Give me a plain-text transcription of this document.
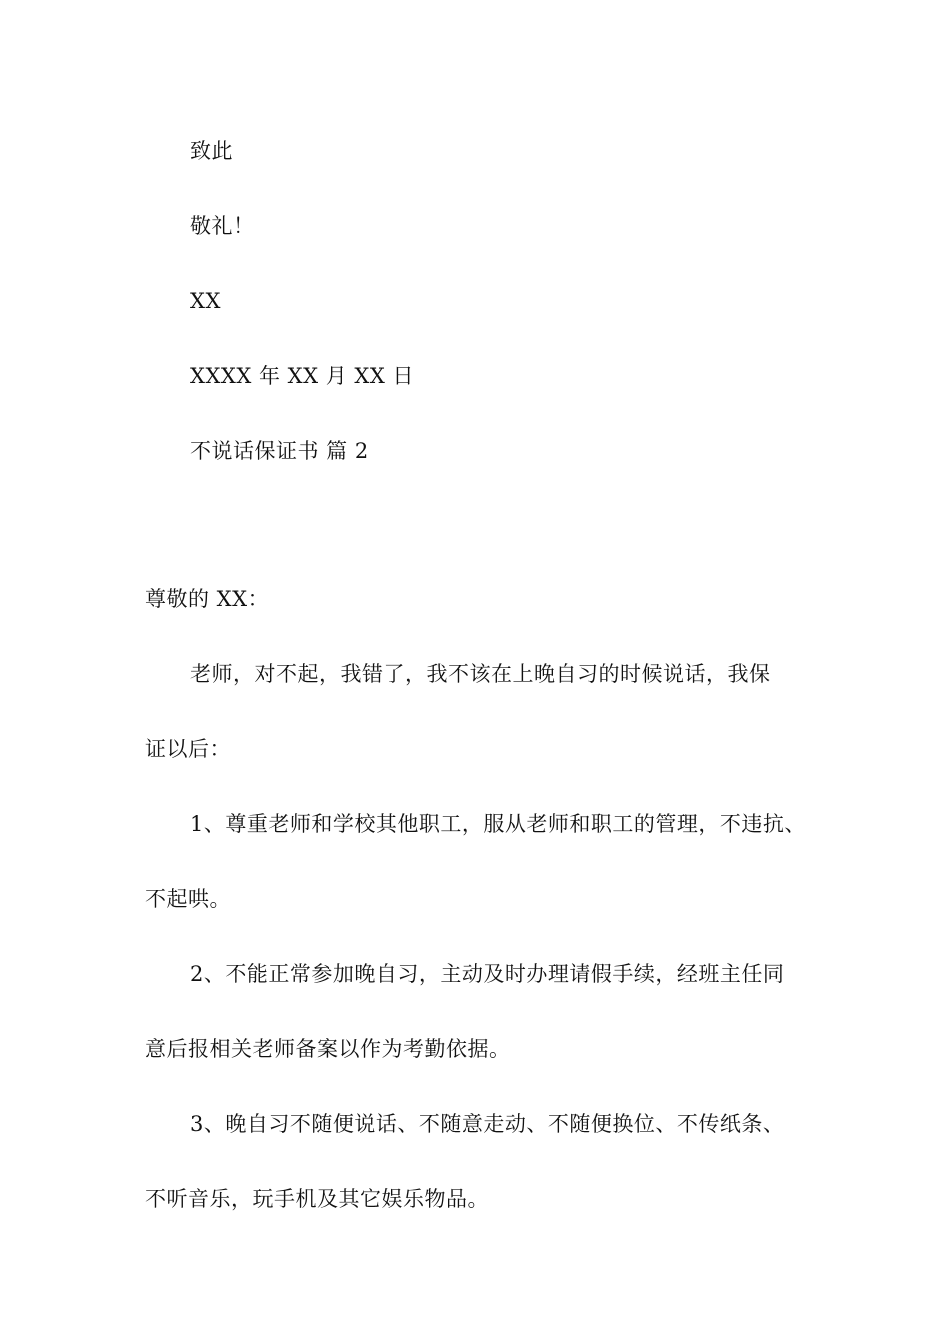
致此
敬礼！
XX
XXXX 年 XX 月 XX 日
不说话保证书 篇 2
尊敬的 XX：
老师，对不起，我错了，我不该在上晚自习的时候说话，我保
证以后：
1、尊重老师和学校其他职工，服从老师和职工的管理，不违抗、
不起哄。
2、不能正常参加晚自习，主动及时办理请假手续，经班主任同
意后报相关老师备案以作为考勤依据。
3、晚自习不随便说话、不随意走动、不随便换位、不传纸条、
不听音乐，玩手机及其它娱乐物品。
